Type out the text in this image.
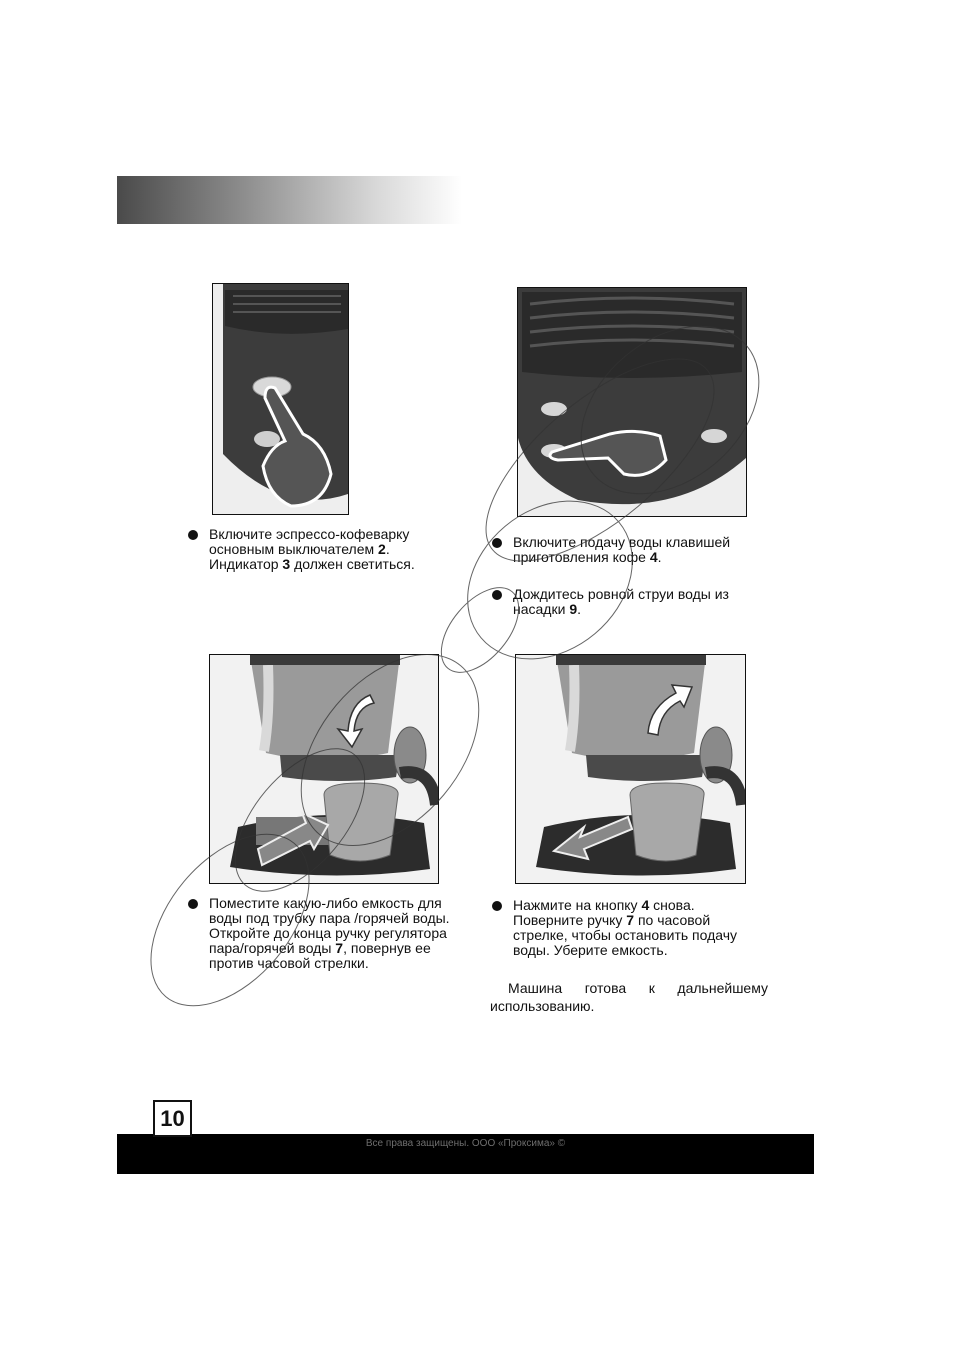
Включите эспрессо-кофеварку основным выключателем 2. Индикатор 3 должен светиться.
Включите подачу воды клавишей приготовления кофе 4.
Дождитесь ровной струи воды из насадки 9.
Поместите какую-либо емкость для воды под трубку пара /горячей воды. Откройте до конца ручку регулятора пара/горячей воды 7, повернув ее против часовой стрелки.
Нажмите на кнопку 4 снова. Поверните ручку 7 по часовой стрелке, чтобы остановить подачу воды. Уберите емкость.

Машина готова к дальнейшему использованию.

10
Все права защищены. ООО «Проксима» ©
